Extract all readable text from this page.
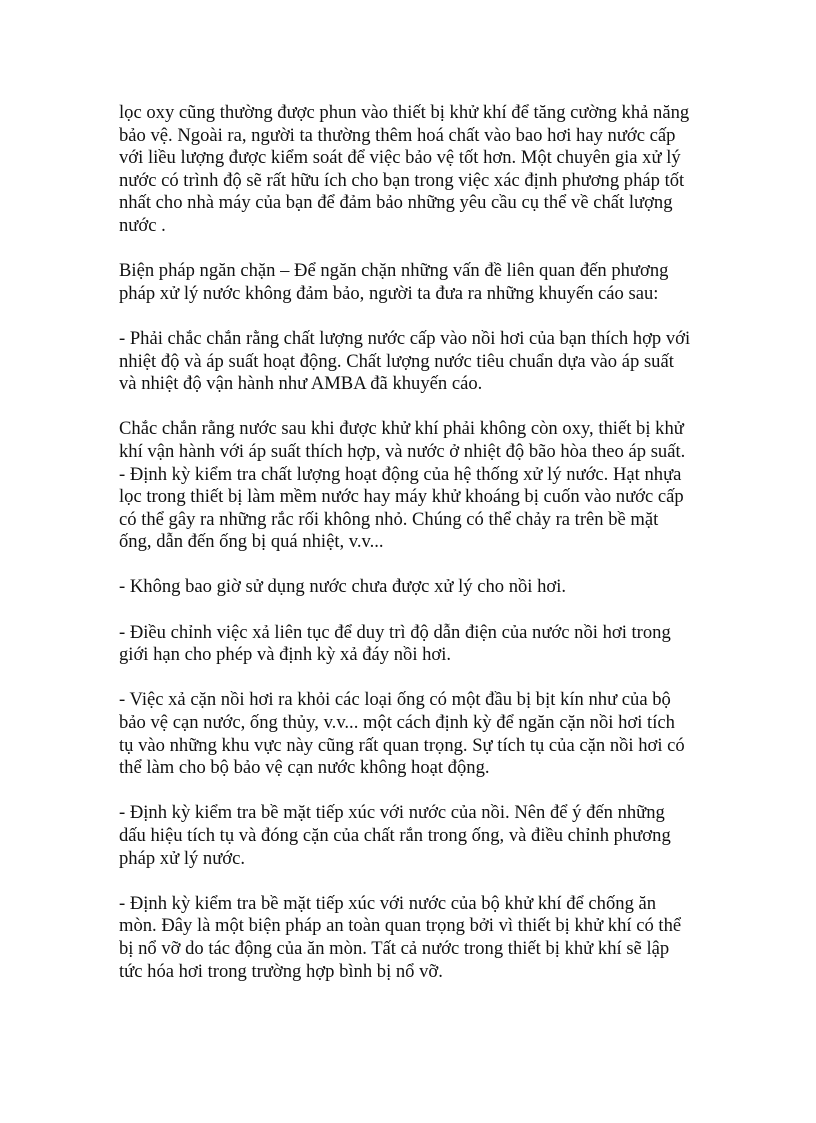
lọc oxy cũng thường được phun vào thiết bị khử khí để tăng cường khả năng
bảo vệ. Ngoài ra, người ta thường thêm hoá chất vào bao hơi hay nước cấp
với liều lượng được kiểm soát để việc bảo vệ tốt hơn. Một chuyên gia xử lý
nước có trình độ sẽ rất hữu ích cho bạn trong việc xác định phương pháp tốt
nhất cho nhà máy của bạn để đảm bảo những yêu cầu cụ thể về chất lượng
nước .

Biện pháp ngăn chặn – Để ngăn chặn những vấn đề liên quan đến phương
pháp xử lý nước không đảm bảo, người ta đưa ra những khuyến cáo sau:

- Phải chắc chắn rằng chất lượng nước cấp vào nồi hơi của bạn thích hợp với
nhiệt độ và áp suất hoạt động. Chất lượng nước tiêu chuẩn dựa vào áp suất
và nhiệt độ vận hành như AMBA đã khuyến cáo.

Chắc chắn rằng nước sau khi được khử khí phải không còn oxy, thiết bị khử
khí vận hành với áp suất thích hợp, và nước ở nhiệt độ bão hòa theo áp suất.

- Định kỳ kiểm tra chất lượng hoạt động của hệ thống xử lý nước. Hạt nhựa
lọc trong thiết bị làm mềm nước hay máy khử khoáng bị cuốn vào nước cấp
có thể gây ra những rắc rối không nhỏ. Chúng có thể chảy ra trên bề mặt
ống, dẫn đến ống bị quá nhiệt, v.v...

- Không bao giờ sử dụng nước chưa được xử lý cho nồi hơi.

- Điều chỉnh việc xả liên tục để duy trì độ dẫn điện của nước nồi hơi trong
giới hạn cho phép và định kỳ xả đáy nồi hơi.

- Việc xả cặn nồi hơi ra khỏi các loại ống có một đầu bị bịt kín như của bộ
bảo vệ cạn nước, ống thủy, v.v... một cách định kỳ để ngăn cặn nồi hơi tích
tụ vào những khu vực này cũng rất quan trọng. Sự tích tụ của cặn nồi hơi có
thể làm cho bộ bảo vệ cạn nước không hoạt động.

- Định kỳ kiểm tra bề mặt tiếp xúc với nước của nồi. Nên để ý đến những
dấu hiệu tích tụ và đóng cặn của chất rắn trong ống, và điều chỉnh phương
pháp xử lý nước.

- Định kỳ kiểm tra bề mặt tiếp xúc với nước của bộ khử khí để chống ăn
mòn. Đây là một biện pháp an toàn quan trọng bởi vì thiết bị khử khí có thể
bị nổ vỡ do tác động của ăn mòn. Tất cả nước trong thiết bị khử khí sẽ lập
tức hóa hơi trong trường hợp bình bị nổ vỡ.
